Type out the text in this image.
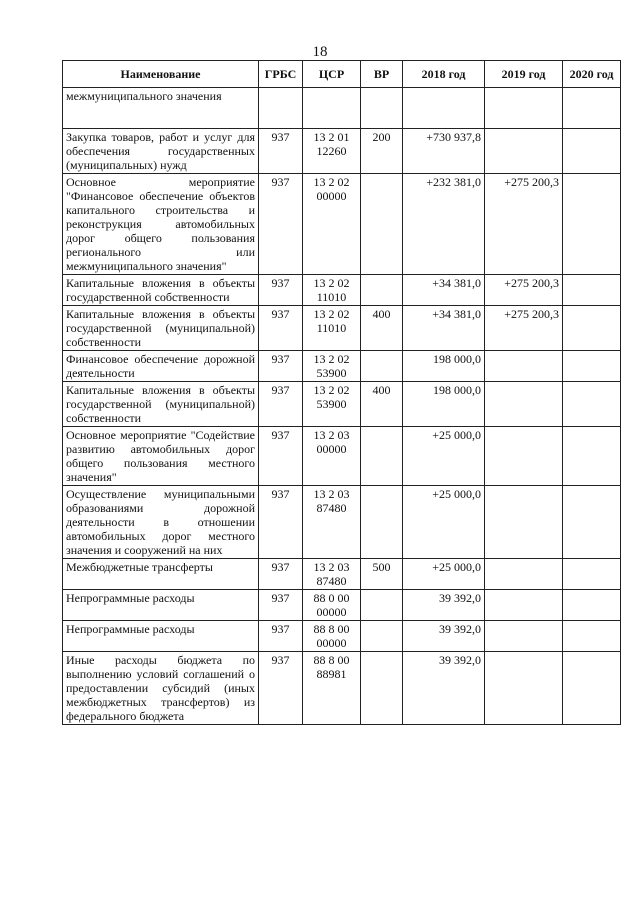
18
Наименование	ГРБС	ЦСР	ВР	2018 год	2019 год	2020 год
межмуниципального значения						
Закупка товаров, работ и услуг для обеспечения государственных (муниципальных) нужд	937	13 2 01 12260	200	+730 937,8		
Основное мероприятие "Финансовое обеспечение объектов капитального строительства и реконструкция автомобильных дорог общего пользования регионального или межмуниципального значения"	937	13 2 02 00000		+232 381,0	+275 200,3	
Капитальные вложения в объекты государственной собственности	937	13 2 02 11010		+34 381,0	+275 200,3	
Капитальные вложения в объекты государственной (муниципальной) собственности	937	13 2 02 11010	400	+34 381,0	+275 200,3	
Финансовое обеспечение дорожной деятельности	937	13 2 02 53900		198 000,0		
Капитальные вложения в объекты государственной (муниципальной) собственности	937	13 2 02 53900	400	198 000,0		
Основное мероприятие "Содействие развитию автомобильных дорог общего пользования местного значения"	937	13 2 03 00000		+25 000,0		
Осуществление муниципальными образованиями дорожной деятельности в отношении автомобильных дорог местного значения и сооружений на них	937	13 2 03 87480		+25 000,0		
Межбюджетные трансферты	937	13 2 03 87480	500	+25 000,0		
Непрограммные расходы	937	88 0 00 00000		39 392,0		
Непрограммные расходы	937	88 8 00 00000		39 392,0		
Иные расходы бюджета по выполнению условий соглашений о предоставлении субсидий (иных межбюджетных трансфертов) из федерального бюджета	937	88 8 00 88981		39 392,0		
